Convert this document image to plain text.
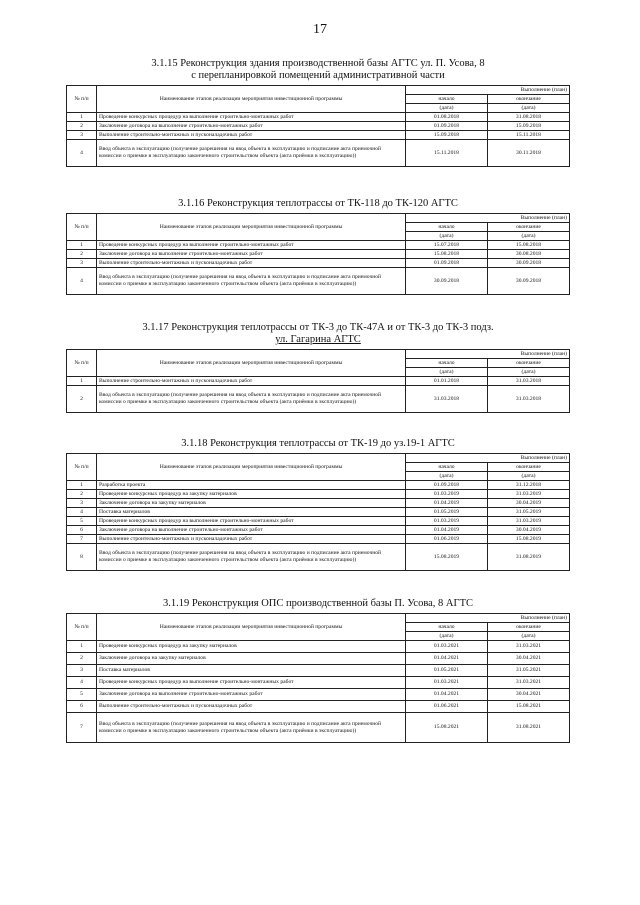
17

3.1.15 Реконструкция здания производственной базы АГТС ул. П. Усова, 8
с перепланировкой помещений административной части

№ п/п	Наименование этапов реализации мероприятия инвестиционной программы	Выполнение (план)	
		начало	окончание
		(дата)	(дата)
1	Проведение конкурсных процедур на выполнение строительно-монтажных работ	01.08.2018	31.08.2018
2	Заключение договора на выполнение строительно-монтажных работ	01.09.2018	15.09.2018
3	Выполнение строительно-монтажных и пусконаладочных работ	15.09.2018	15.11.2018
4	Ввод объекта в эксплуатацию (получение разрешения на ввод объекта в эксплуатацию и подписание акта приемочной комиссии о приемке в эксплуатацию законченного строительством объекта (акта приёмки в эксплуатацию))	15.11.2018	30.11.2018

3.1.16 Реконструкция теплотрассы от ТК-118 до ТК-120 АГТС

№ п/п	Наименование этапов реализации мероприятия инвестиционной программы	Выполнение (план)	
		начало	окончание
		(дата)	(дата)
1	Проведение конкурсных процедур на выполнение строительно-монтажных работ	15.07.2018	15.08.2018
2	Заключение договора на выполнение строительно-монтажных работ	15.08.2018	30.08.2018
3	Выполнение строительно-монтажных и пусконаладочных работ	01.09.2018	30.09.2018
4	Ввод объекта в эксплуатацию (получение разрешения на ввод объекта в эксплуатацию и подписание акта приемочной комиссии о приемке в эксплуатацию законченного строительством объекта (акта приёмки в эксплуатацию))	30.09.2018	30.09.2018

3.1.17 Реконструкция теплотрассы от ТК-3 до ТК-47А и от ТК-3 до ТК-3 подз.
ул. Гагарина АГТС

№ п/п	Наименование этапов реализации мероприятия инвестиционной программы	Выполнение (план)	
		начало	окончание
		(дата)	(дата)
1	Выполнение строительно-монтажных и пусконаладочных работ	01.01.2018	31.03.2018
2	Ввод объекта в эксплуатацию (получение разрешения на ввод объекта в эксплуатацию и подписание акта приемочной комиссии о приемке в эксплуатацию законченного строительством объекта (акта приёмки в эксплуатацию))	31.03.2018	31.03.2018

3.1.18 Реконструкция теплотрассы от ТК-19 до уз.19-1 АГТС

№ п/п	Наименование этапов реализации мероприятия инвестиционной программы	Выполнение (план)	
		начало	окончание
		(дата)	(дата)
1	Разработка проекта	01.09.2018	31.12.2018
2	Проведение конкурсных процедур на закупку материалов	01.03.2019	31.03.2019
3	Заключение договора на закупку материалов	01.04.2019	30.04.2019
4	Поставка материалов	01.05.2019	31.05.2019
5	Проведение конкурсных процедур на выполнение строительно-монтажных работ	01.03.2019	31.03.2019
6	Заключение договора на выполнение строительно-монтажных работ	01.04.2019	30.04.2019
7	Выполнение строительно-монтажных и пусконаладочных работ	01.06.2019	15.08.2019
8	Ввод объекта в эксплуатацию (получение разрешения на ввод объекта в эксплуатацию и подписание акта приемочной комиссии о приемке в эксплуатацию законченного строительством объекта (акта приёмки в эксплуатацию))	15.08.2019	31.08.2019

3.1.19 Реконструкция ОПС производственной базы П. Усова, 8 АГТС

№ п/п	Наименование этапов реализации мероприятия инвестиционной программы	Выполнение (план)	
		начало	окончание
		(дата)	(дата)
1	Проведение конкурсных процедур на закупку материалов	01.03.2021	31.03.2021
2	Заключение договора на закупку материалов	01.04.2021	30.04.2021
3	Поставка материалов	01.05.2021	31.05.2021
4	Проведение конкурсных процедур на выполнение строительно-монтажных работ	01.03.2021	31.03.2021
5	Заключение договора на выполнение строительно-монтажных работ	01.04.2021	30.04.2021
6	Выполнение строительно-монтажных и пусконаладочных работ	01.06.2021	15.08.2021
7	Ввод объекта в эксплуатацию (получение разрешения на ввод объекта в эксплуатацию и подписание акта приемочной комиссии о приемке в эксплуатацию законченного строительством объекта (акта приёмки в эксплуатацию))	15.08.2021	31.08.2021
